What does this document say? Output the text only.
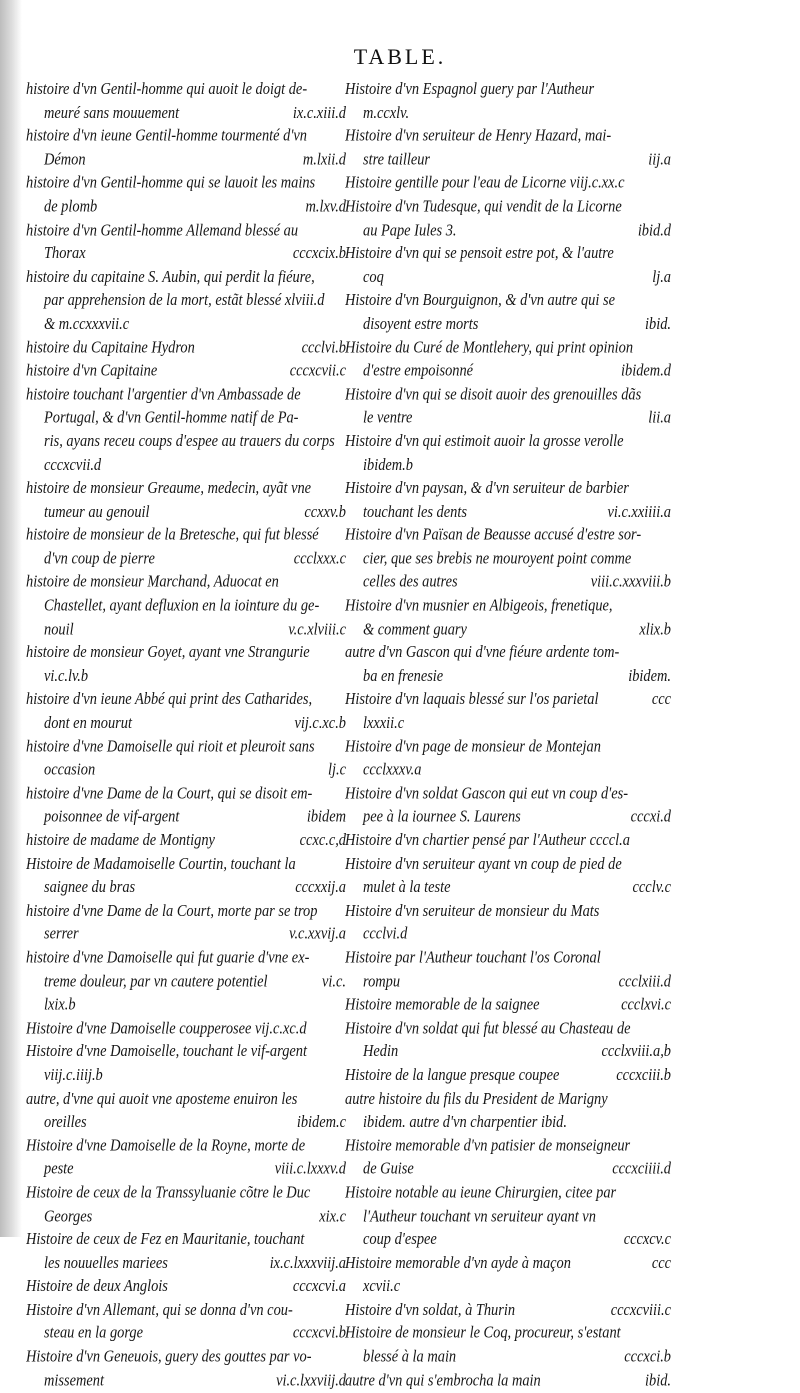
TABLE.
histoire d'vn Gentil-homme qui auoit le doigt de-
meuré sans mouuement	ix.c.xiii.d
histoire d'vn ieune Gentil-homme tourmenté d'vn
Démon	m.lxii.d
histoire d'vn Gentil-homme qui se lauoit les mains
de plomb	m.lxv.d
histoire d'vn Gentil-homme Allemand blessé au
Thorax	cccxcix.b
histoire du capitaine S. Aubin, qui perdit la fiéure,
par apprehension de la mort, estãt blessé xlviii.d
& m.ccxxxvii.c
histoire du Capitaine Hydron	ccclvi.b
histoire d'vn Capitaine	cccxcvii.c
histoire touchant l'argentier d'vn Ambassade de
Portugal, & d'vn Gentil-homme natif de Pa-
ris, ayans receu coups d'espee au trauers du corps
cccxcvii.d
histoire de monsieur Greaume, medecin, ayãt vne
tumeur au genouil	ccxxv.b
histoire de monsieur de la Bretesche, qui fut blessé
d'vn coup de pierre	ccclxxx.c
histoire de monsieur Marchand, Aduocat en
Chastellet, ayant defluxion en la iointure du ge-
nouil	v.c.xlviii.c
histoire de monsieur Goyet, ayant vne Strangurie
vi.c.lv.b
histoire d'vn ieune Abbé qui print des Catharides,
dont en mourut	vij.c.xc.b
histoire d'vne Damoiselle qui rioit et pleuroit sans
occasion	lj.c
histoire d'vne Dame de la Court, qui se disoit em-
poisonnee de vif-argent	ibidem
histoire de madame de Montigny	ccxc.c,d
Histoire de Madamoiselle Courtin, touchant la
saignee du bras	cccxxij.a
histoire d'vne Dame de la Court, morte par se trop
serrer	v.c.xxvij.a
histoire d'vne Damoiselle qui fut guarie d'vne ex-
treme douleur, par vn cautere potentiel	vi.c.
lxix.b
Histoire d'vne Damoiselle coupperosee vij.c.xc.d
Histoire d'vne Damoiselle, touchant le vif-argent
viij.c.iiij.b
autre, d'vne qui auoit vne aposteme enuiron les
oreilles	ibidem.c
Histoire d'vne Damoiselle de la Royne, morte de
peste	viii.c.lxxxv.d
Histoire de ceux de la Transsyluanie cõtre le Duc
Georges	xix.c
Histoire de ceux de Fez en Mauritanie, touchant
les nouuelles mariees	ix.c.lxxxviij.a
Histoire de deux Anglois	cccxcvi.a
Histoire d'vn Allemant, qui se donna d'vn cou-
steau en la gorge	cccxcvi.b
Histoire d'vn Geneuois, guery des gouttes par vo-
missement	vi.c.lxxviij.d
Histoire d'vn Espagnol guery par l'Autheur
m.ccxlv.
Histoire d'vn seruiteur de Henry Hazard, mai-
stre tailleur	iij.a
Histoire gentille pour l'eau de Licorne viij.c.xx.c
Histoire d'vn Tudesque, qui vendit de la Licorne
au Pape Iules 3.	ibid.d
Histoire d'vn qui se pensoit estre pot, & l'autre
coq	lj.a
Histoire d'vn Bourguignon, & d'vn autre qui se
disoyent estre morts	ibid.
Histoire du Curé de Montlehery, qui print opinion
d'estre empoisonné	ibidem.d
Histoire d'vn qui se disoit auoir des grenouilles dãs
le ventre	lii.a
Histoire d'vn qui estimoit auoir la grosse verolle
ibidem.b
Histoire d'vn paysan, & d'vn seruiteur de barbier
touchant les dents	vi.c.xxiiii.a
Histoire d'vn Païsan de Beausse accusé d'estre sor-
cier, que ses brebis ne mouroyent point comme
celles des autres	viii.c.xxxviii.b
Histoire d'vn musnier en Albigeois, frenetique,
& comment guary	xlix.b
autre d'vn Gascon qui d'vne fiéure ardente tom-
ba en frenesie	ibidem.
Histoire d'vn laquais blessé sur l'os parietal	ccc
lxxxii.c
Histoire d'vn page de monsieur de Montejan
ccclxxxv.a
Histoire d'vn soldat Gascon qui eut vn coup d'es-
pee à la iournee S. Laurens	cccxi.d
Histoire d'vn chartier pensé par l'Autheur ccccl.a
Histoire d'vn seruiteur ayant vn coup de pied de
mulet à la teste	ccclv.c
Histoire d'vn seruiteur de monsieur du Mats
ccclvi.d
Histoire par l'Autheur touchant l'os Coronal
rompu	ccclxiii.d
Histoire memorable de la saignee	ccclxvi.c
Histoire d'vn soldat qui fut blessé au Chasteau de
Hedin	ccclxviii.a,b
Histoire de la langue presque coupee	cccxciii.b
autre histoire du fils du President de Marigny
ibidem. autre d'vn charpentier ibid.
Histoire memorable d'vn patisier de monseigneur
de Guise	cccxciiii.d
Histoire notable au ieune Chirurgien, citee par
l'Autheur touchant vn seruiteur ayant vn
coup d'espee	cccxcv.c
Histoire memorable d'vn ayde à maçon	ccc
xcvii.c
Histoire d'vn soldat, à Thurin	cccxcviii.c
Histoire de monsieur le Coq, procureur, s'estant
blessé à la main	cccxci.b
autre d'vn qui s'embrocha la main	ibid.
